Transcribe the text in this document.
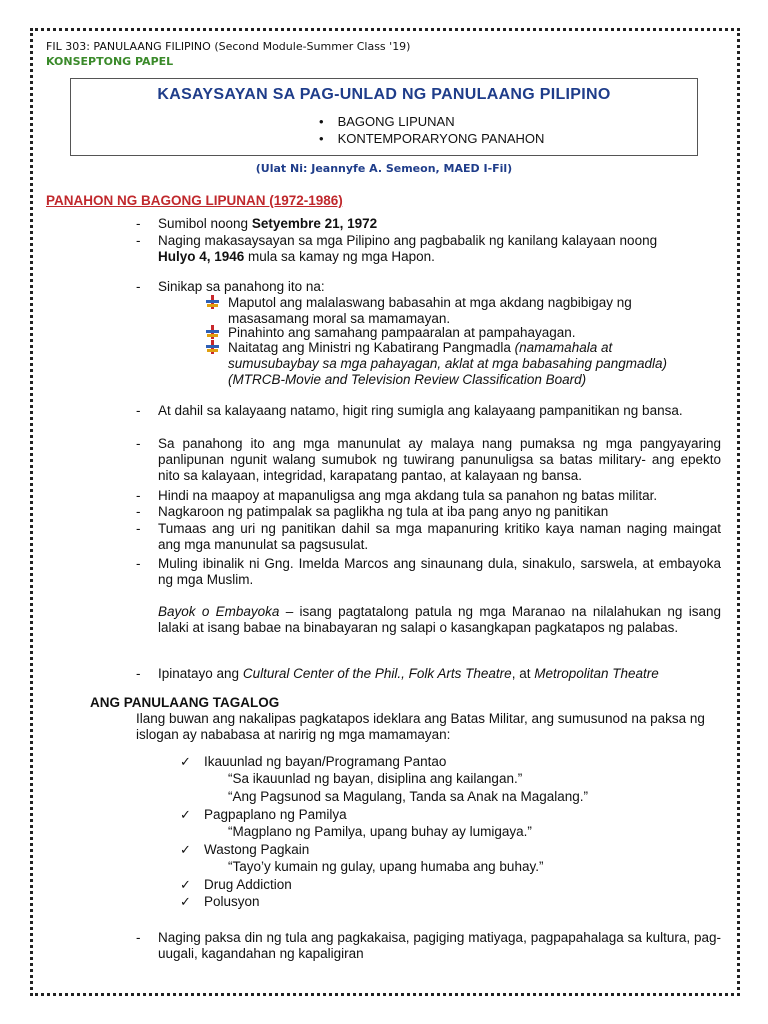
FIL 303: PANULAANG FILIPINO (Second Module-Summer Class '19)
KONSEPTONG PAPEL
KASAYSAYAN SA PAG-UNLAD NG PANULAANG PILIPINO
• BAGONG LIPUNAN
• KONTEMPORARYONG PANAHON
(Ulat Ni: Jeannyfe A. Semeon, MAED I-Fil)
PANAHON NG BAGONG LIPUNAN (1972-1986)
- Sumibol noong Setyembre 21, 1972
- Naging makasaysayan sa mga Pilipino ang pagbabalik ng kanilang kalayaan noong
Hulyo 4, 1946 mula sa kamay ng mga Hapon.
- Sinikap sa panahong ito na:
Maputol ang malalaswang babasahin at mga akdang nagbibigay ng
masasamang moral sa mamamayan.
Pinahinto ang samahang pampaaralan at pampahayagan.
Naitatag ang Ministri ng Kabatirang Pangmadla (namamahala at
sumusubaybay sa mga pahayagan, aklat at mga babasahing pangmadla)
(MTRCB-Movie and Television Review Classification Board)
- At dahil sa kalayaang natamo, higit ring sumigla ang kalayaang pampanitikan ng bansa.
- Sa panahong ito ang mga manunulat ay malaya nang pumaksa ng mga pangyayaring panlipunan ngunit walang sumubok ng tuwirang panunuligsa sa batas military- ang epekto nito sa kalayaan, integridad, karapatang pantao, at kalayaan ng bansa.
- Hindi na maapoy at mapanuligsa ang mga akdang tula sa panahon ng batas militar.
- Nagkaroon ng patimpalak sa paglikha ng tula at iba pang anyo ng panitikan
- Tumaas ang uri ng panitikan dahil sa mga mapanuring kritiko kaya naman naging maingat ang mga manunulat sa pagsusulat.
- Muling ibinalik ni Gng. Imelda Marcos ang sinaunang dula, sinakulo, sarswela, at embayoka ng mga Muslim.
Bayok o Embayoka – isang pagtatalong patula ng mga Maranao na nilalahukan ng isang lalaki at isang babae na binabayaran ng salapi o kasangkapan pagkatapos ng palabas.
- Ipinatayo ang Cultural Center of the Phil., Folk Arts Theatre, at Metropolitan Theatre
ANG PANULAANG TAGALOG
Ilang buwan ang nakalipas pagkatapos ideklara ang Batas Militar, ang sumusunod na paksa ng islogan ay nababasa at naririg ng mga mamamayan:
✓ Ikauunlad ng bayan/Programang Pantao
“Sa ikauunlad ng bayan, disiplina ang kailangan.”
“Ang Pagsunod sa Magulang, Tanda sa Anak na Magalang.”
✓ Pagpaplano ng Pamilya
“Magplano ng Pamilya, upang buhay ay lumigaya.”
✓ Wastong Pagkain
“Tayo’y kumain ng gulay, upang humaba ang buhay.”
✓ Drug Addiction
✓ Polusyon
- Naging paksa din ng tula ang pagkakaisa, pagiging matiyaga, pagpapahalaga sa kultura, pag-uugali, kagandahan ng kapaligiran
